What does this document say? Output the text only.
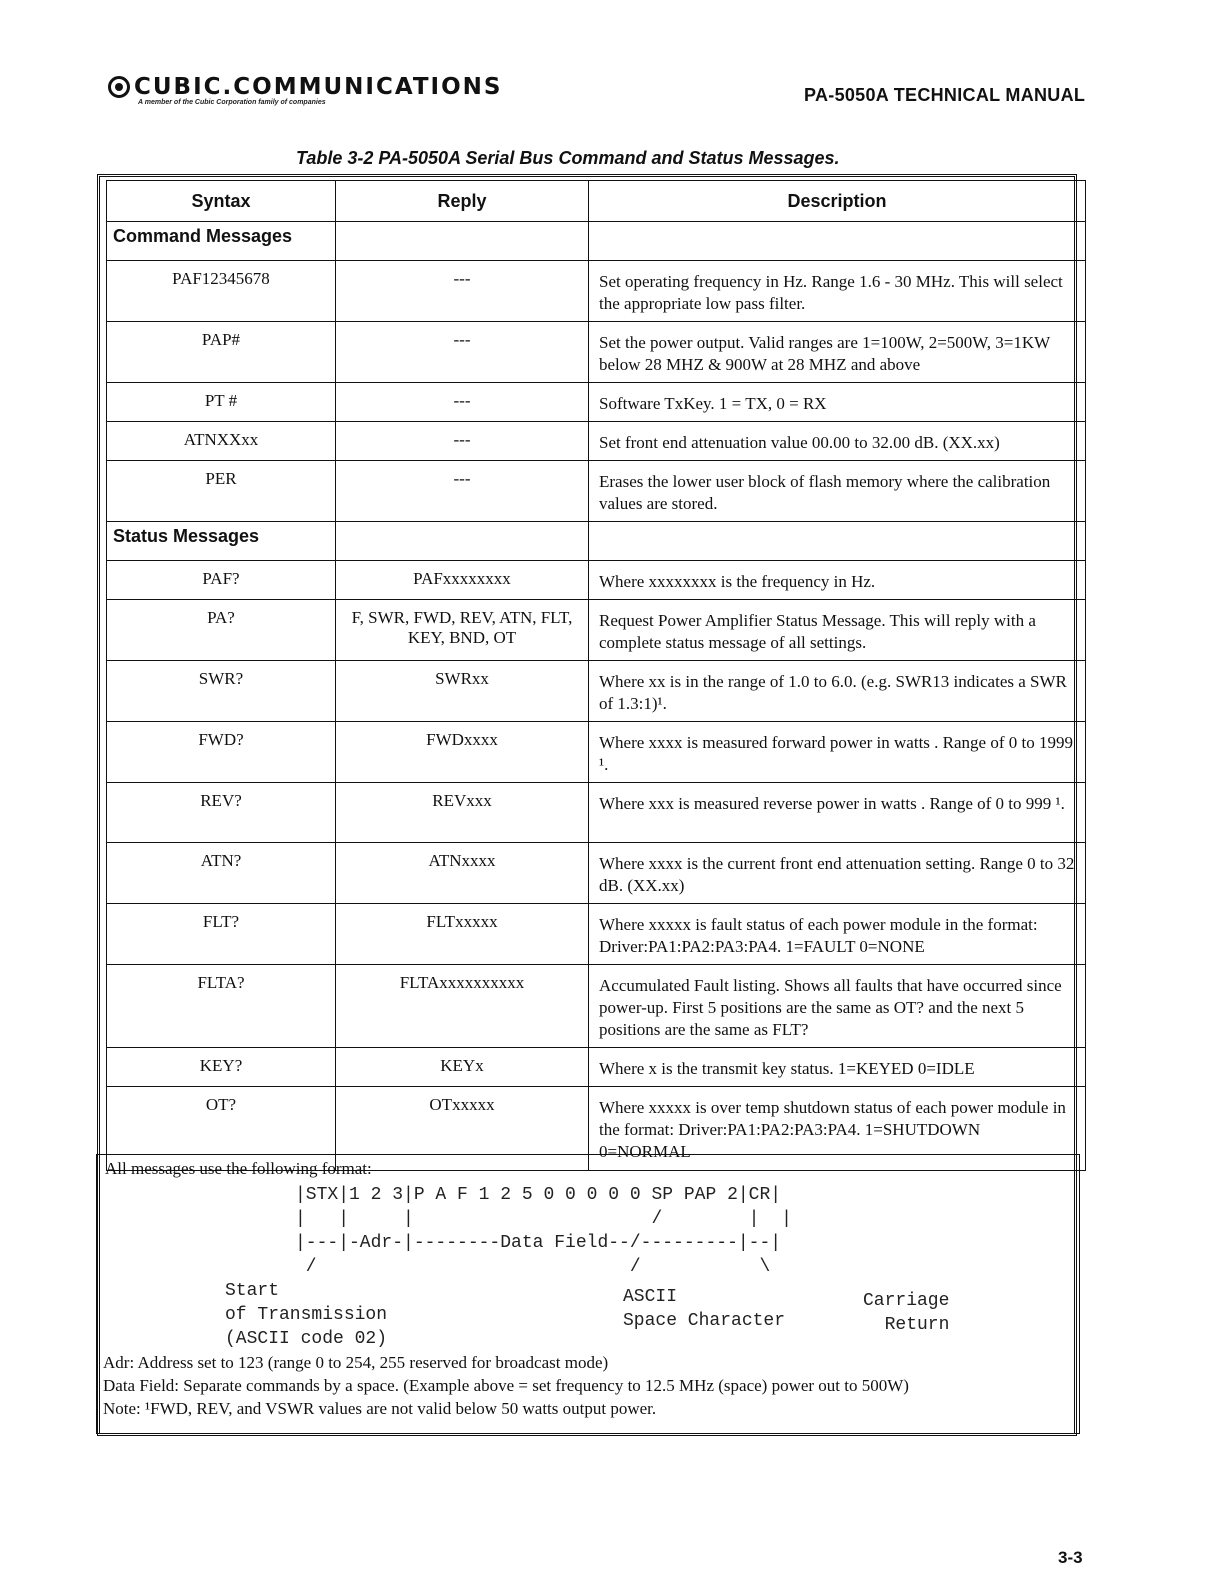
CUBIC.COMMUNICATIONS
A member of the Cubic Corporation family of companies	PA-5050A TECHNICAL MANUAL
Table 3-2 PA-5050A Serial Bus Command and Status Messages.
Syntax	Reply	Description
Command Messages		
PAF12345678	---	Set operating frequency in Hz. Range 1.6 - 30 MHz. This will select the appropriate low pass filter.
PAP#	---	Set the power output. Valid ranges are 1=100W, 2=500W, 3=1KW below 28 MHZ & 900W at 28 MHZ and above
PT #	---	Software TxKey. 1 = TX, 0 = RX
ATNXXxx	---	Set front end attenuation value 00.00 to 32.00 dB. (XX.xx)
PER	---	Erases the lower user block of flash memory where the calibration values are stored.
Status Messages		
PAF?	PAFxxxxxxxx	Where xxxxxxxx is the frequency in Hz.
PA?	F, SWR, FWD, REV, ATN, FLT, KEY, BND, OT	Request Power Amplifier Status Message. This will reply with a complete status message of all settings.
SWR?	SWRxx	Where xx is in the range of 1.0 to 6.0. (e.g. SWR13 indicates a SWR of 1.3:1)¹.
FWD?	FWDxxxx	Where xxxx is measured forward power in watts . Range of 0 to 1999 ¹.
REV?	REVxxx	Where xxx is measured reverse power in watts . Range of 0 to 999 ¹.
ATN?	ATNxxxx	Where xxxx is the current front end attenuation setting. Range 0 to 32 dB. (XX.xx)
FLT?	FLTxxxxx	Where xxxxx is fault status of each power module in the format: Driver:PA1:PA2:PA3:PA4. 1=FAULT 0=NONE
FLTA?	FLTAxxxxxxxxxx	Accumulated Fault listing. Shows all faults that have occurred since power-up. First 5 positions are the same as OT? and the next 5 positions are the same as FLT?
KEY?	KEYx	Where x is the transmit key status. 1=KEYED 0=IDLE
OT?	OTxxxxx	Where xxxxx is over temp shutdown status of each power module in the format: Driver:PA1:PA2:PA3:PA4. 1=SHUTDOWN 0=NORMAL
All messages use the following format:
|STX|1 2 3|P A F 1 2 5 0 0 0 0 0 SP PAP 2|CR|
|   |     |                      /        |  |
|---|-Adr-|--------Data Field--/---------|--|
/                             /           \
Start
of Transmission
(ASCII code 02)
ASCII
Space Character
Carriage
Return
Adr: Address set to 123 (range 0 to 254, 255 reserved for broadcast mode)
Data Field: Separate commands by a space. (Example above = set frequency to 12.5 MHz (space) power out to 500W)
Note: ¹FWD, REV, and VSWR values are not valid below 50 watts output power.
3-3
